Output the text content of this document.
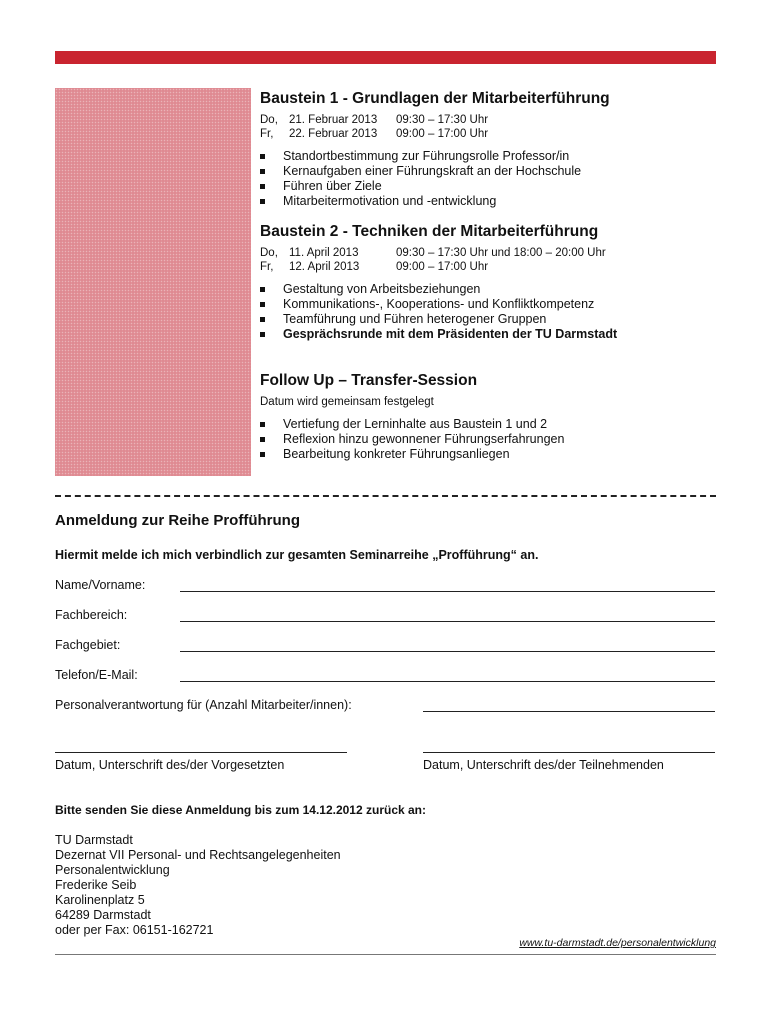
Baustein 1 - Grundlagen der Mitarbeiterführung
Do, 21. Februar 2013	09:30 – 17:30 Uhr
Fr,	22. Februar 2013	09:00 – 17:00 Uhr
Standortbestimmung zur Führungsrolle Professor/in
Kernaufgaben einer Führungskraft an der Hochschule
Führen über Ziele
Mitarbeitermotivation und -entwicklung
Baustein 2 - Techniken der Mitarbeiterführung
Do, 11. April 2013	09:30 – 17:30 Uhr und 18:00 – 20:00 Uhr
Fr,	12. April 2013	09:00 – 17:00 Uhr
Gestaltung von Arbeitsbeziehungen
Kommunikations-, Kooperations- und Konfliktkompetenz
Teamführung und Führen heterogener Gruppen
Gesprächsrunde mit dem Präsidenten der TU Darmstadt
Follow Up – Transfer-Session
Datum wird gemeinsam festgelegt
Vertiefung der Lerninhalte aus Baustein 1 und 2
Reflexion hinzu gewonnener Führungserfahrungen
Bearbeitung konkreter Führungsanliegen
Anmeldung zur Reihe Profführung
Hiermit melde ich mich verbindlich zur gesamten Seminarreihe „Profführung“ an.
Name/Vorname:
Fachbereich:
Fachgebiet:
Telefon/E-Mail:
Personalverantwortung für (Anzahl Mitarbeiter/innen):
Datum, Unterschrift des/der Vorgesetzten	Datum, Unterschrift des/der Teilnehmenden
Bitte senden Sie diese Anmeldung bis zum 14.12.2012 zurück an:
TU Darmstadt
Dezernat VII Personal- und Rechtsangelegenheiten
Personalentwicklung
Frederike Seib
Karolinenplatz 5
64289 Darmstadt
oder per Fax: 06151-162721
www.tu-darmstadt.de/personalentwicklung
